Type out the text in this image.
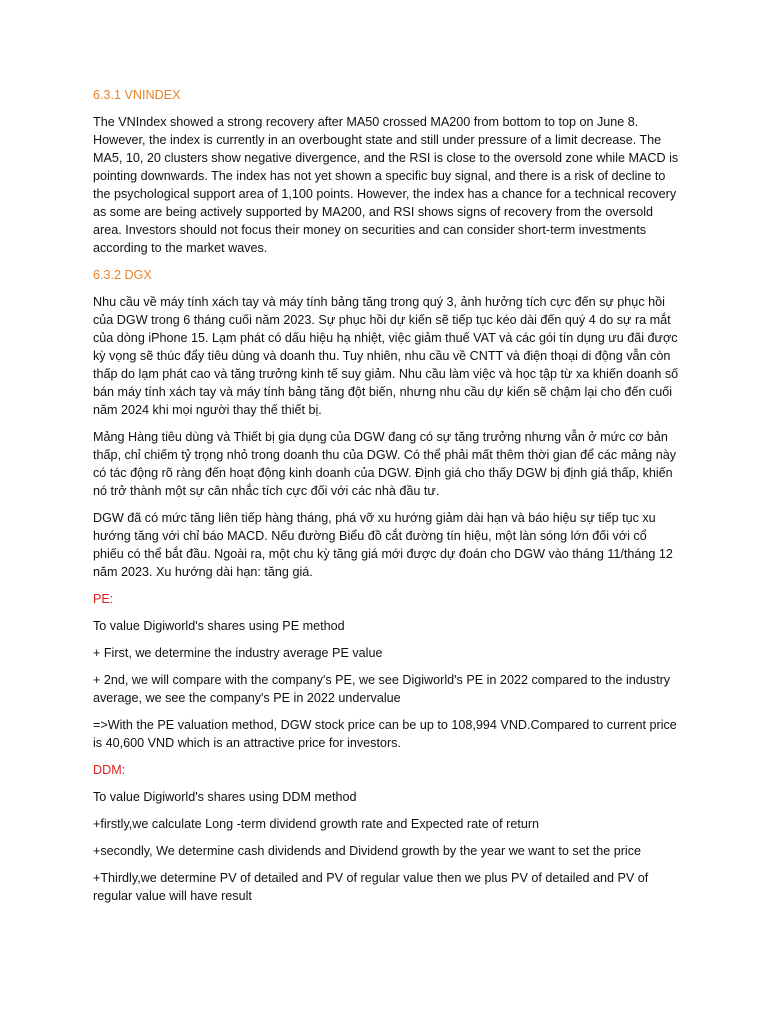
6.3.1 VNINDEX

The VNIndex showed a strong recovery after MA50 crossed MA200 from bottom to top on June 8. However, the index is currently in an overbought state and still under pressure of a limit decrease. The MA5, 10, 20 clusters show negative divergence, and the RSI is close to the oversold zone while MACD is pointing downwards. The index has not yet shown a specific buy signal, and there is a risk of decline to the psychological support area of 1,100 points. However, the index has a chance for a technical recovery as some are being actively supported by MA200, and RSI shows signs of recovery from the oversold area. Investors should not focus their money on securities and can consider short-term investments according to the market waves.

6.3.2 DGX

Nhu cầu về máy tính xách tay và máy tính bảng tăng trong quý 3, ảnh hưởng tích cực đến sự phục hồi của DGW trong 6 tháng cuối năm 2023. Sự phục hồi dự kiến sẽ tiếp tục kéo dài đến quý 4 do sự ra mắt của dòng iPhone 15. Lạm phát có dấu hiệu hạ nhiệt, việc giảm thuế VAT và các gói tín dụng ưu đãi được kỳ vọng sẽ thúc đẩy tiêu dùng và doanh thu. Tuy nhiên, nhu cầu về CNTT và điện thoại di động vẫn còn thấp do lạm phát cao và tăng trưởng kinh tế suy giảm. Nhu cầu làm việc và học tập từ xa khiến doanh số bán máy tính xách tay và máy tính bảng tăng đột biến, nhưng nhu cầu dự kiến sẽ chậm lại cho đến cuối năm 2024 khi mọi người thay thế thiết bị.

Mảng Hàng tiêu dùng và Thiết bị gia dụng của DGW đang có sự tăng trưởng nhưng vẫn ở mức cơ bản thấp, chỉ chiếm tỷ trọng nhỏ trong doanh thu của DGW. Có thể phải mất thêm thời gian để các mảng này có tác động rõ ràng đến hoạt động kinh doanh của DGW. Định giá cho thấy DGW bị định giá thấp, khiến nó trở thành một sự cân nhắc tích cực đối với các nhà đầu tư.

DGW đã có mức tăng liên tiếp hàng tháng, phá vỡ xu hướng giảm dài hạn và báo hiệu sự tiếp tục xu hướng tăng với chỉ báo MACD. Nếu đường Biểu đồ cắt đường tín hiệu, một làn sóng lớn đối với cổ phiếu có thể bắt đầu. Ngoài ra, một chu kỳ tăng giá mới được dự đoán cho DGW vào tháng 11/tháng 12 năm 2023. Xu hướng dài hạn: tăng giá.

PE:

To value Digiworld's shares using PE method

+ First, we determine the industry average PE value

+ 2nd, we will compare with the company's PE, we see Digiworld's PE in 2022 compared to the industry average, we see the company's PE in 2022 undervalue

=>With the PE valuation method, DGW stock price can be up to 108,994 VND.Compared to current price is 40,600 VND which is an attractive price for investors.

DDM:

To value Digiworld's shares using DDM method

+firstly,we calculate Long -term dividend growth rate and Expected rate of return

+secondly, We determine cash dividends and Dividend growth by the year we want to set the price

+Thirdly,we determine PV of detailed and PV of regular value then we plus PV of detailed and PV of regular value will have result
